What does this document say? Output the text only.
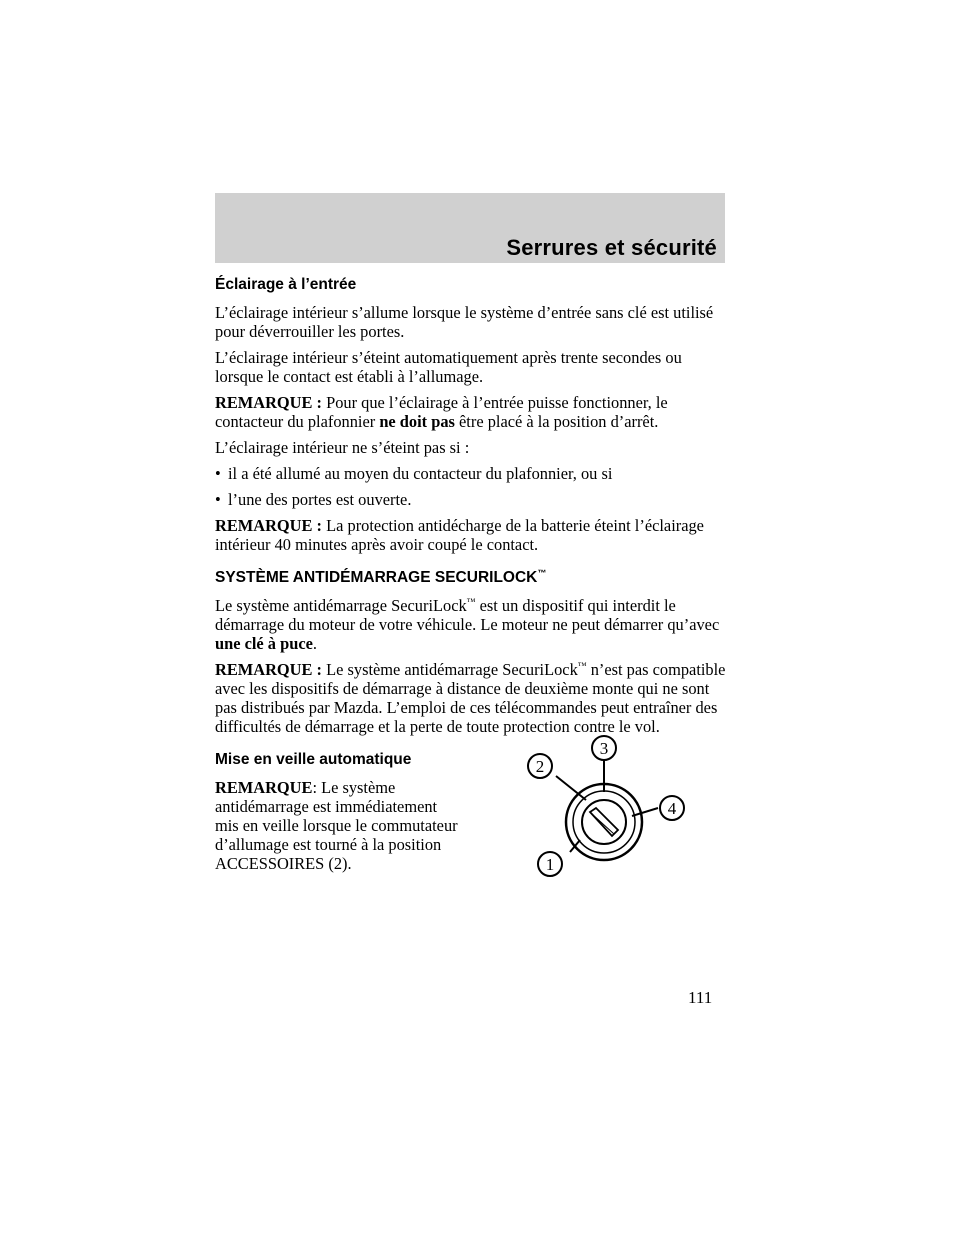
Serrures et sécurité
Éclairage à l’entrée

L’éclairage intérieur s’allume lorsque le système d’entrée sans clé est utilisé pour déverrouiller les portes.

L’éclairage intérieur s’éteint automatiquement après trente secondes ou lorsque le contact est établi à l’allumage.

REMARQUE : Pour que l’éclairage à l’entrée puisse fonctionner, le contacteur du plafonnier ne doit pas être placé à la position d’arrêt.

L’éclairage intérieur ne s’éteint pas si :

• il a été allumé au moyen du contacteur du plafonnier, ou si
• l’une des portes est ouverte.

REMARQUE : La protection antidécharge de la batterie éteint l’éclairage intérieur 40 minutes après avoir coupé le contact.

SYSTÈME ANTIDÉMARRAGE SECURILOCK™

Le système antidémarrage SecuriLock™ est un dispositif qui interdit le démarrage du moteur de votre véhicule. Le moteur ne peut démarrer qu’avec une clé à puce.

REMARQUE : Le système antidémarrage SecuriLock™ n’est pas compatible avec les dispositifs de démarrage à distance de deuxième monte qui ne sont pas distribués par Mazda. L’emploi de ces télécommandes peut entraîner des difficultés de démarrage et la perte de toute protection contre le vol.

Mise en veille automatique

REMARQUE: Le système antidémarrage est immédiatement mis en veille lorsque le commutateur d’allumage est tourné à la position ACCESSOIRES (2).

3
2
4
1
111
